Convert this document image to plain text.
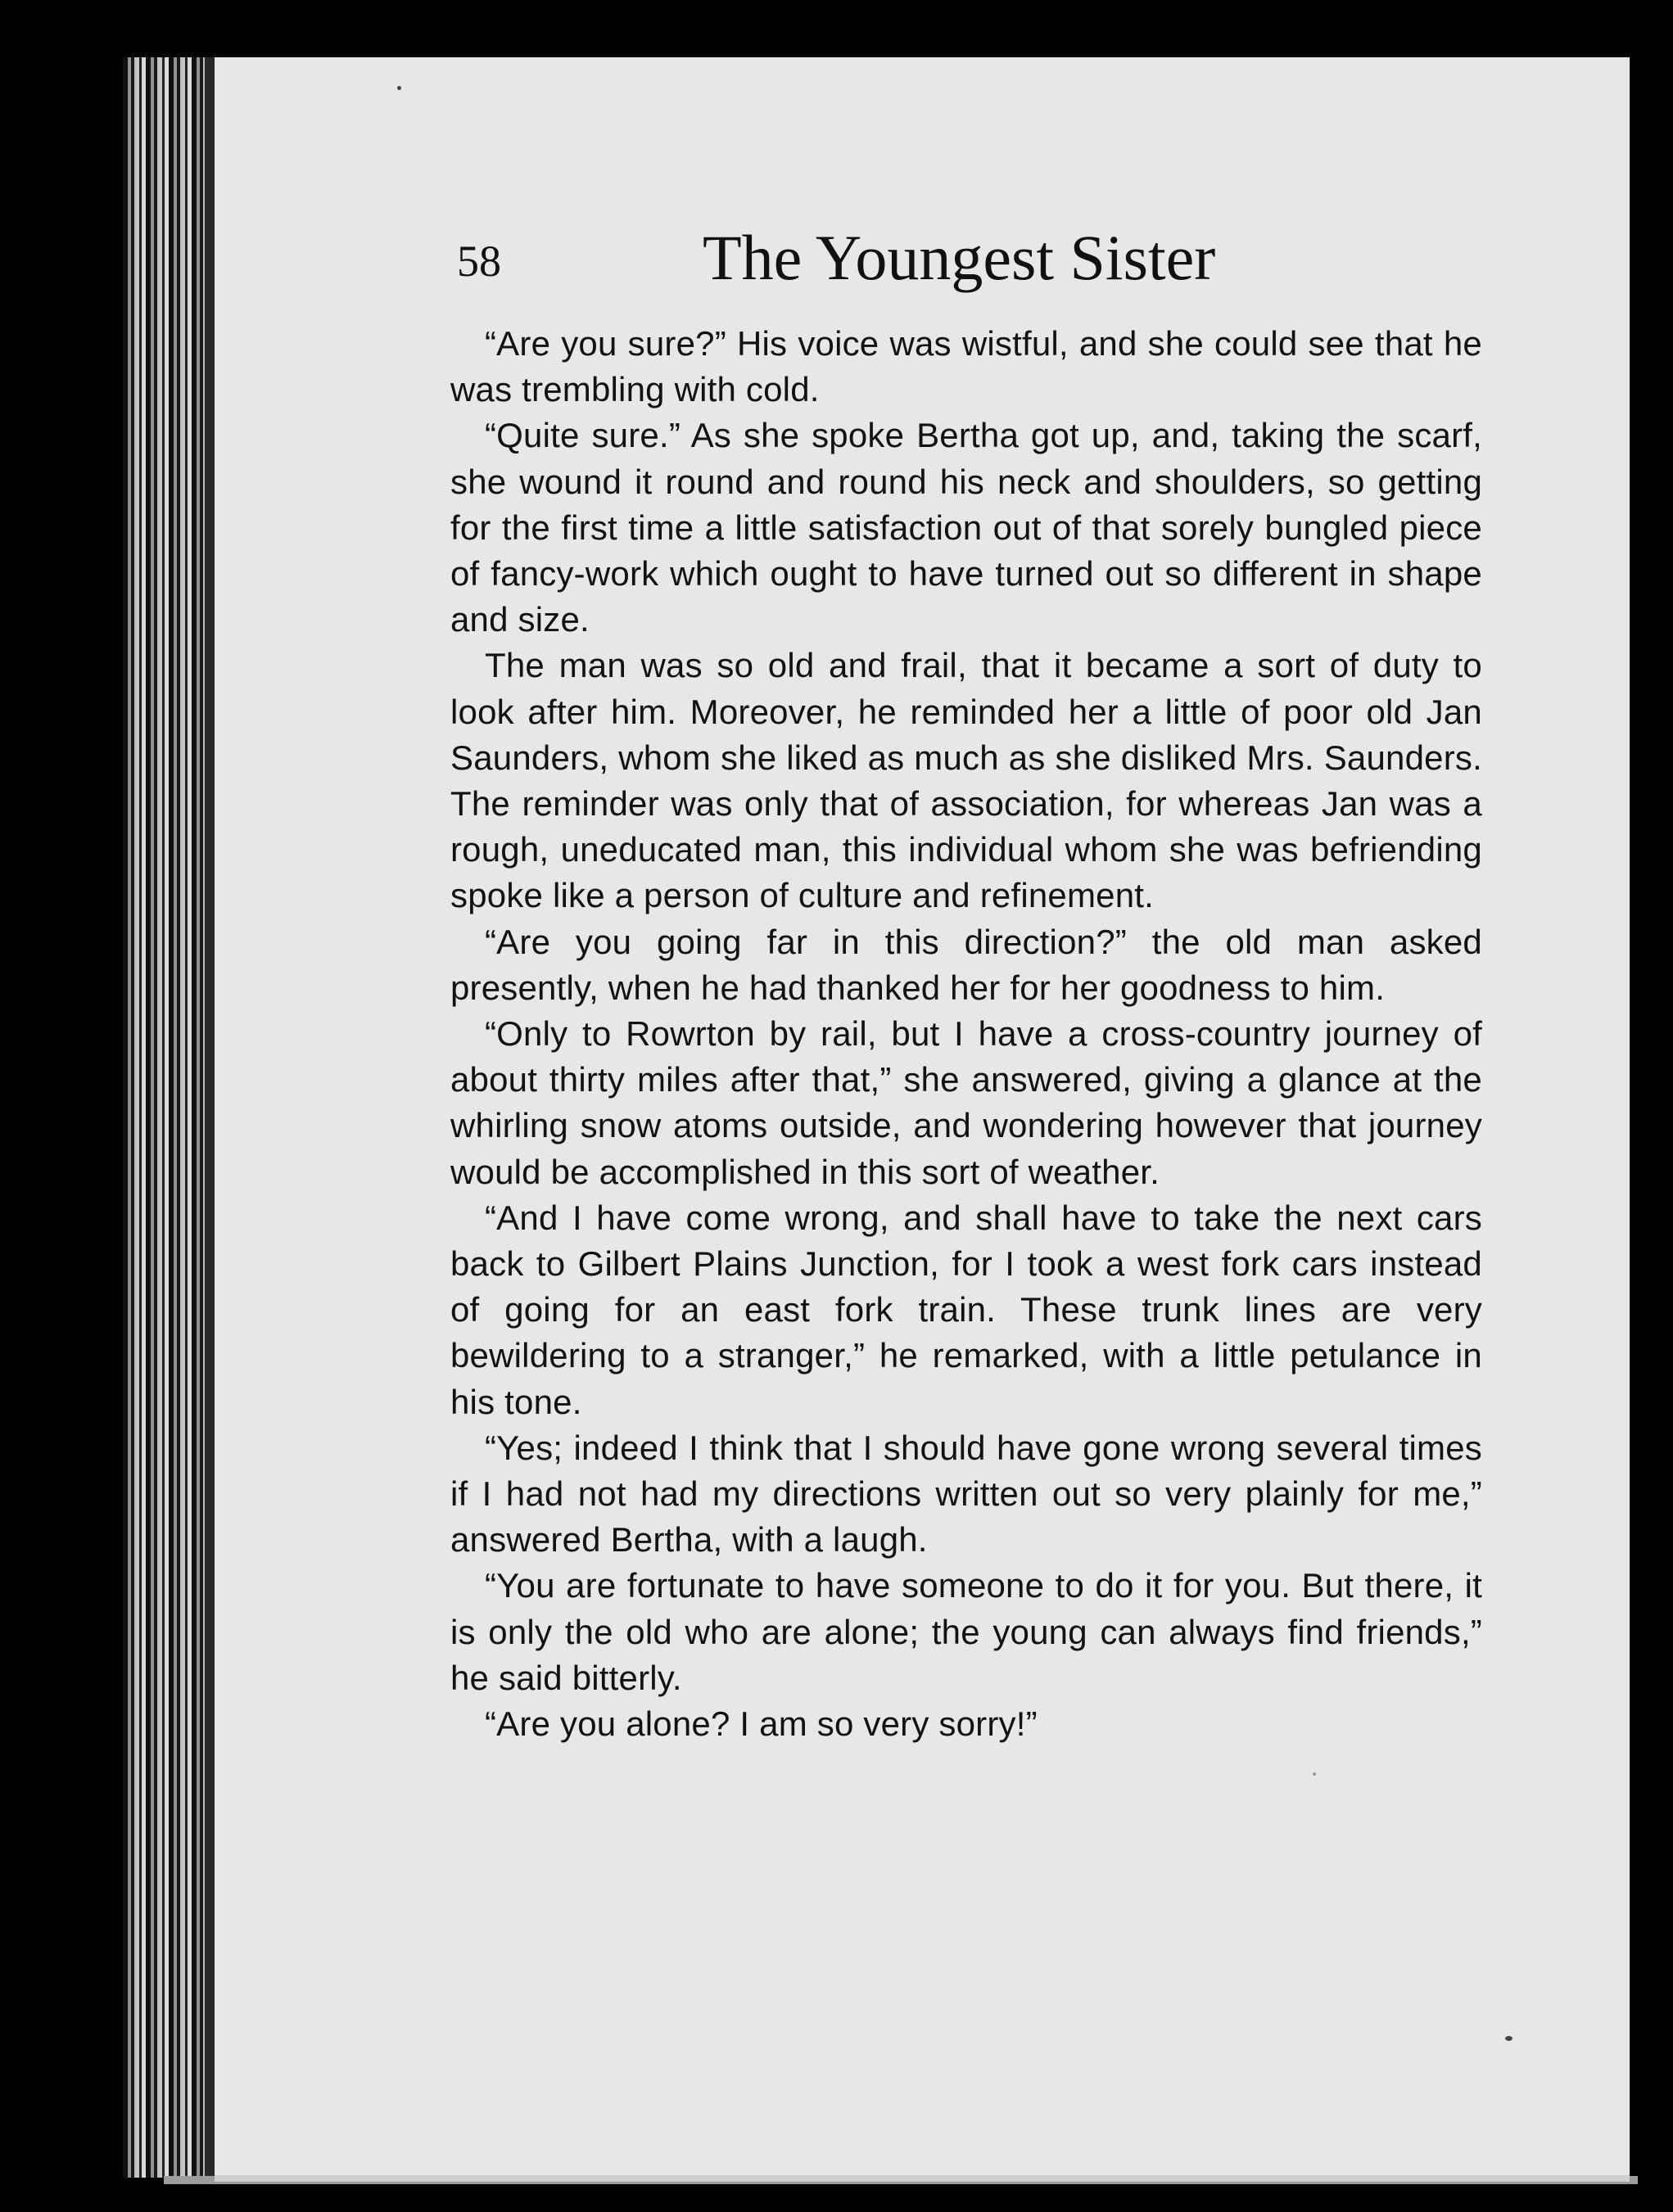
58	The Youngest Sister

“Are you sure?” His voice was wistful, and she could see that he was trembling with cold.

“Quite sure.” As she spoke Bertha got up, and, taking the scarf, she wound it round and round his neck and shoulders, so getting for the first time a little satisfaction out of that sorely bungled piece of fancy-work which ought to have turned out so different in shape and size.

The man was so old and frail, that it became a sort of duty to look after him. Moreover, he reminded her a little of poor old Jan Saunders, whom she liked as much as she disliked Mrs. Saunders. The reminder was only that of association, for whereas Jan was a rough, uneducated man, this individual whom she was befriending spoke like a person of culture and refinement.

“Are you going far in this direction?” the old man asked presently, when he had thanked her for her goodness to him.

“Only to Rowrton by rail, but I have a cross-country journey of about thirty miles after that,” she answered, giving a glance at the whirling snow atoms outside, and wondering however that journey would be accomplished in this sort of weather.

“And I have come wrong, and shall have to take the next cars back to Gilbert Plains Junction, for I took a west fork cars instead of going for an east fork train. These trunk lines are very bewildering to a stranger,” he remarked, with a little petulance in his tone.

“Yes; indeed I think that I should have gone wrong several times if I had not had my directions written out so very plainly for me,” answered Bertha, with a laugh.

“You are fortunate to have someone to do it for you. But there, it is only the old who are alone; the young can always find friends,” he said bitterly.

“Are you alone? I am so very sorry!”
